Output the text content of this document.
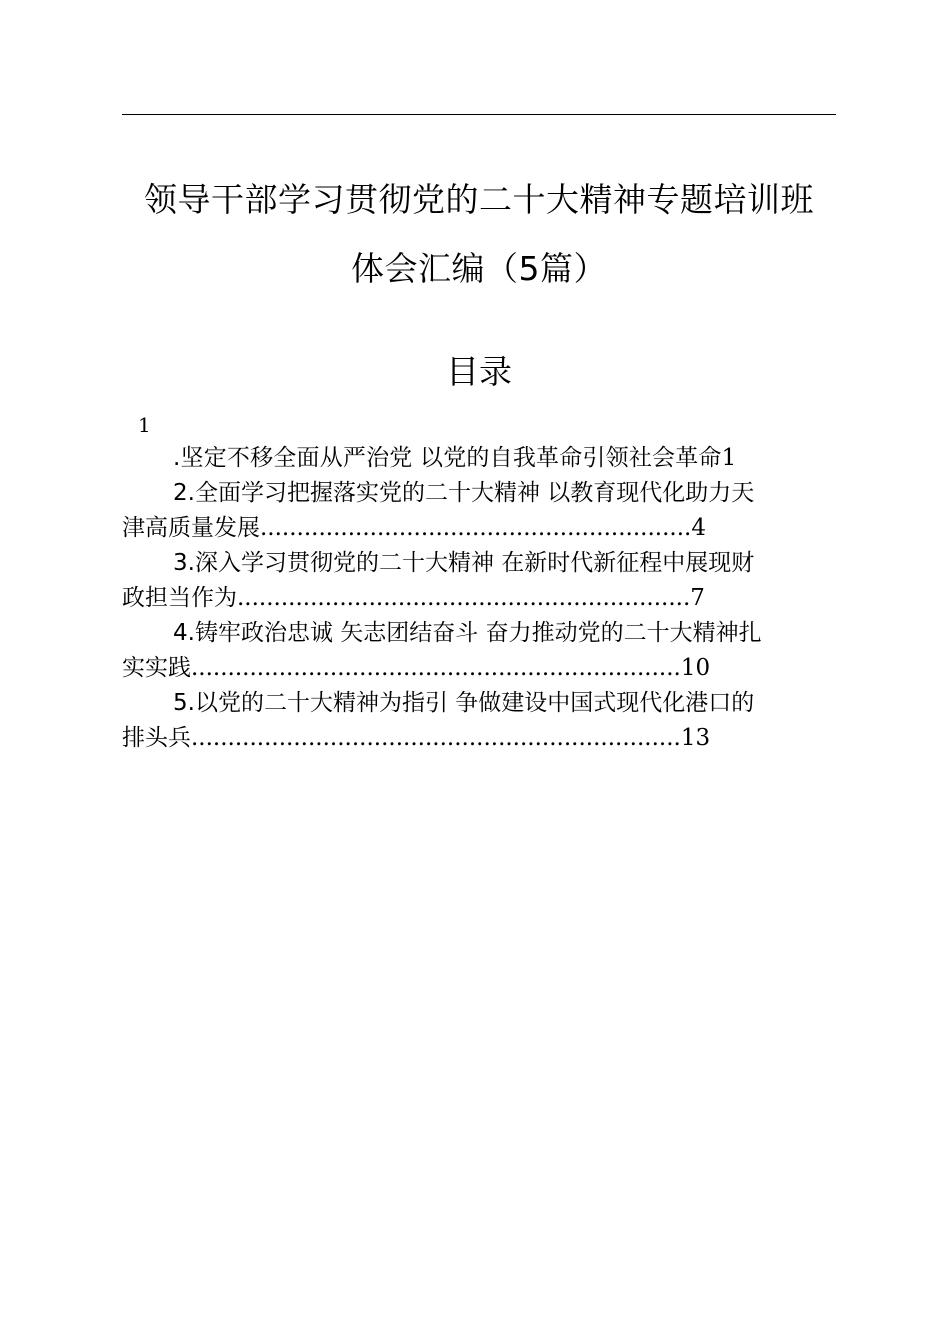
领导干部学习贯彻党的二十大精神专题培训班
体会汇编（5篇）
目录
1
.坚定不移全面从严治党 以党的自我革命引领社会革命1
2.全面学习把握落实党的二十大精神 以教育现代化助力天
津高质量发展...........................................................4
3.深入学习贯彻党的二十大精神 在新时代新征程中展现财
政担当作为..............................................................7
4.铸牢政治忠诚 矢志团结奋斗 奋力推动党的二十大精神扎
实实践...................................................................10
5.以党的二十大精神为指引 争做建设中国式现代化港口的
排头兵...................................................................13
